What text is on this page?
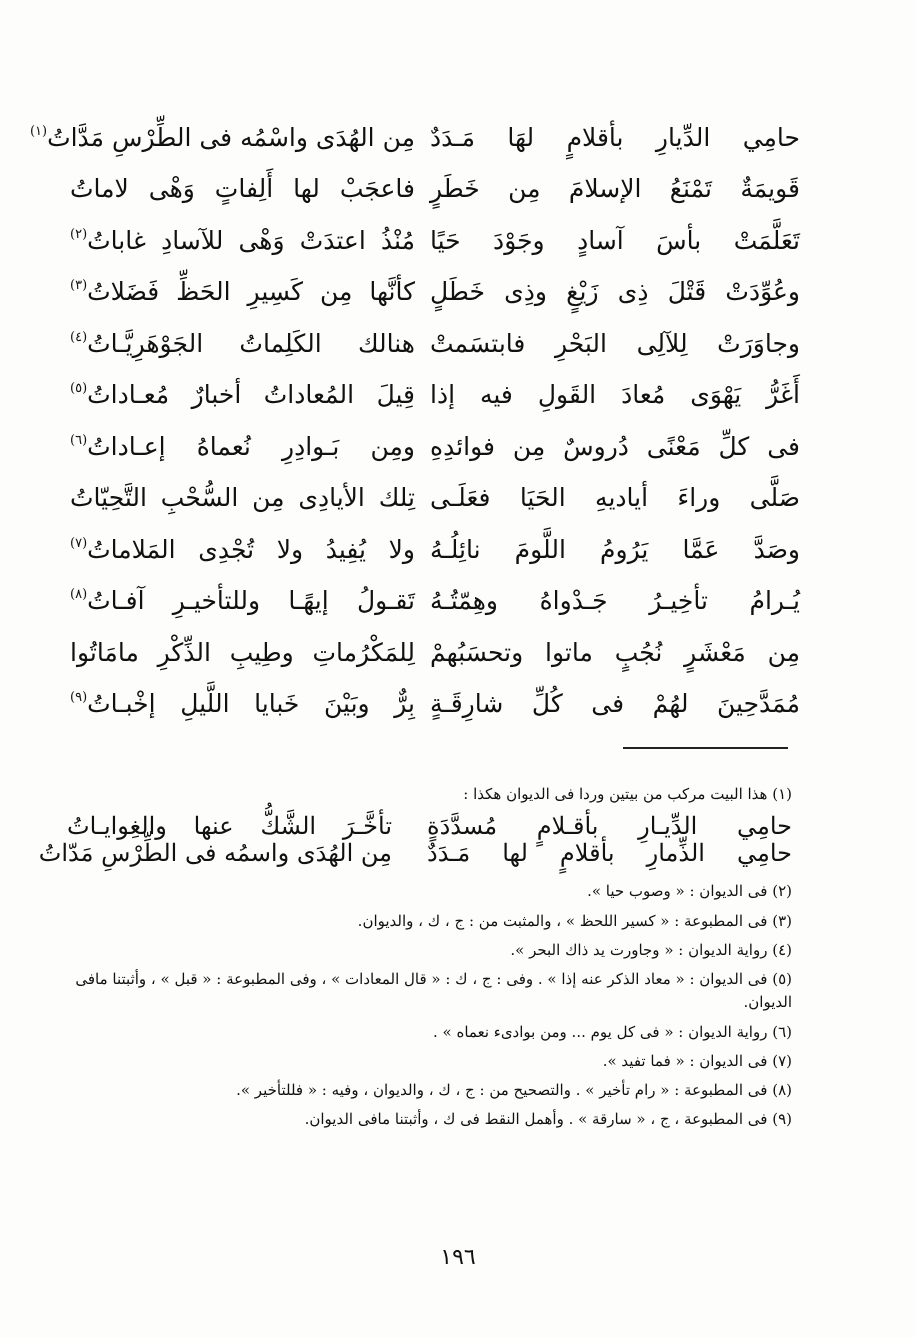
حامِي الدِّيارِ بأقلامٍ لهَا مَـدَدٌ
مِن الهُدَى واسْمُه فى الطِّرْسِ مَدَّاتُ$^{(١)}$
قَويمَةٌ تَمْنَعُ الإسلامَ مِن خَطَرٍ
فاعجَبْ لها أَلِفاتٍ وَهْى لاماتُ
تَعَلَّمَتْ بأسَ آسادٍ وجَوْدَ حَيًا
مُنْذُ اعتدَتْ وَهْى للآسادِ غاباتُ$^{(٢)}$
وعُوِّدَتْ قَتْلَ ذِى زَيْغٍ وذِى خَطَلٍ
كأنَّها مِن كَسِيرِ الحَظِّ فَضَلاتُ$^{(٣)}$
وجاوَرَتْ لِلآلِى البَحْرِ فابتسَمتْ
هنالك الكَلِماتُ الجَوْهَرِيَّـاتُ$^{(٤)}$
أَغَرُّ يَهْوَى مُعادَ القَولِ فيه إذا
قِيلَ المُعاداتُ أخبارٌ مُعـاداتُ$^{(٥)}$
فى كلِّ مَعْنًى دُروسٌ مِن فوائدِهِ
ومِن بَـوادِرِ نُعماهُ إعـاداتُ$^{(٦)}$
صَلَّى وراءَ أياديهِ الحَيَا فعَلَـى
تِلك الأيادِى مِن السُّحْبِ التَّحِيّاتُ
وصَدَّ عَمَّا يَرُومُ اللَّومَ نائِلُـهُ
ولا يُفِيدُ ولا تُجْدِى المَلاماتُ$^{(٧)}$
يُـرامُ تأخِيـرُ جَـدْواهُ وهِمّتُـهُ
تَقـولُ إيهًـا وللتأخيـرِ آفـاتُ$^{(٨)}$
مِن مَعْشَرٍ نُجُبٍ ماتوا وتحسَبُهمْ
لِلمَكْرُماتِ وطِيبِ الذِّكْرِ مامَاتُوا
مُمَدَّحِينَ لهُمْ فى كُلِّ شارِقَـةٍ
بِرٌّ وبَيْنَ خَبايا اللَّيلِ إخْبـاتُ$^{(٩)}$
(١) هذا البيت مركب من بيتين وردا فى الديوان هكذا :
حامِي الدِّيـارِ بأقـلامٍ مُسدَّدَةٍ
تأخَّـرَ الشَّكُّ عنها والغِوايـاتُ
حامِي الذِّمارِ بأقلامٍ لها مَـدَدٌ
مِن الهُدَى واسمُه فى الطِّرْسِ مَدّاتُ
(٢) فى الديوان : « وصوب حيا ».
(٣) فى المطبوعة : « كسير اللحظ » ، والمثبت من : ج ، ك ، والديوان.
(٤) رواية الديوان : « وجاورت يد ذاك البحر ».
(٥) فى الديوان : « معاد الذكر عنه إذا » . وفى : ج ، ك : « قال المعادات » ، وفى المطبوعة : « قبل » ، وأثبتنا مافى الديوان.
(٦) رواية الديوان : « فى كل يوم ... ومن بوادىء نعماه » .
(٧) فى الديوان : « فما تفيد ».
(٨) فى المطبوعة : « رام تأخير » . والتصحيح من : ج ، ك ، والديوان ، وفيه : « فللتأخير ».
(٩) فى المطبوعة ، ج ، « سارقة » . وأهمل النقط فى ك ، وأثبتنا مافى الديوان.
١٩٦
